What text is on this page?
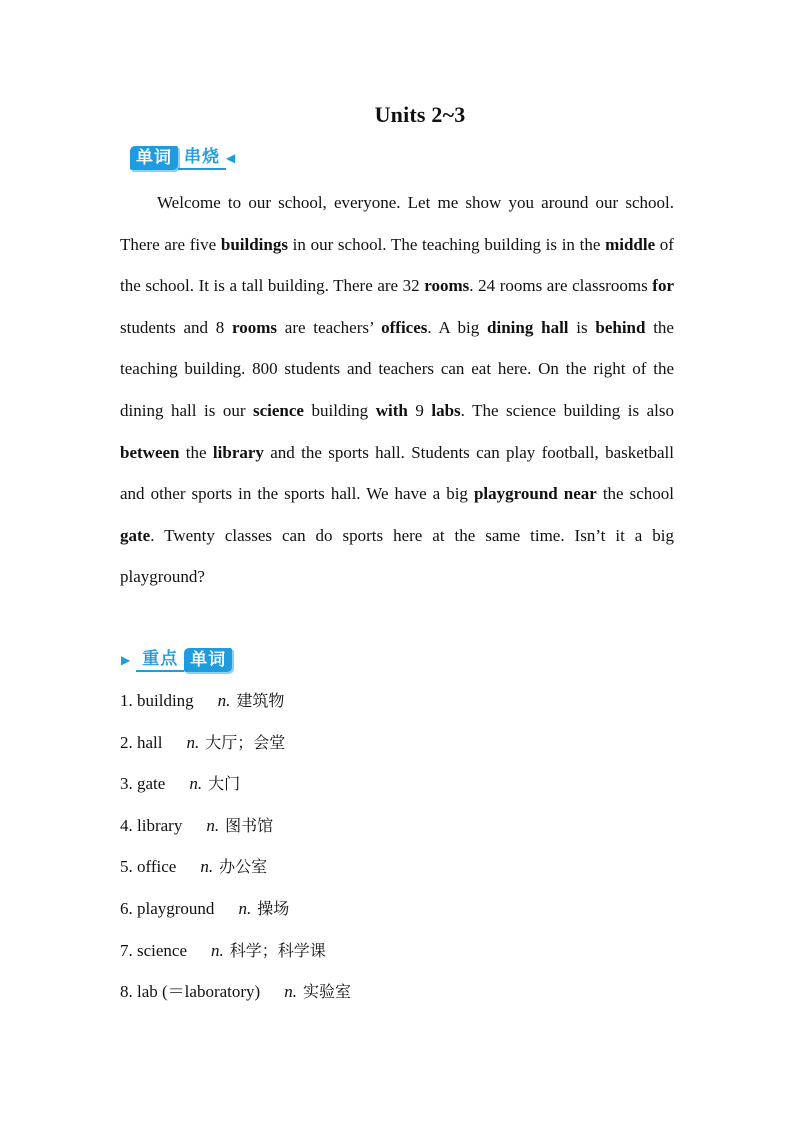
Units 2~3
单词 串烧 ◀

Welcome to our school, everyone. Let me show you around our school. There are five buildings in our school. The teaching building is in the middle of the school. It is a tall building. There are 32 rooms. 24 rooms are classrooms for students and 8 rooms are teachers’ offices. A big dining hall is behind the teaching building. 800 students and teachers can eat here. On the right of the dining hall is our science building with 9 labs. The science building is also between the library and the sports hall. Students can play football, basketball and other sports in the sports hall. We have a big playground near the school gate. Twenty classes can do sports here at the same time. Isn’t it a big playground?

▶ 重点 单词
1. building n. 建筑物
2. hall n.大厅；会堂
3. gate n.大门
4. library n. 图书馆
5. office n. 办公室
6. playground n. 操场
7. science n. 科学；科学课
8. lab (＝laboratory) n. 实验室
